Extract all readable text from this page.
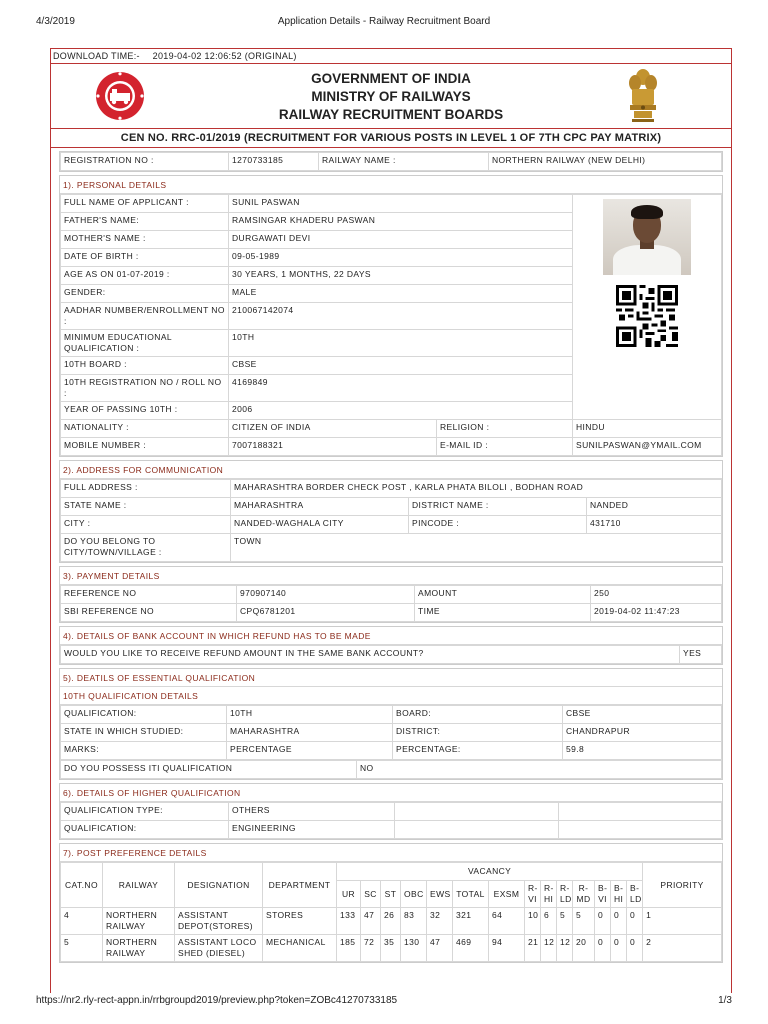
4/3/2019	Application Details - Railway Recruitment Board
DOWNLOAD TIME:- 2019-04-02 12:06:52 (ORIGINAL)
GOVERNMENT OF INDIA
MINISTRY OF RAILWAYS
RAILWAY RECRUITMENT BOARDS
CEN NO. RRC-01/2019 (RECRUITMENT FOR VARIOUS POSTS IN LEVEL 1 OF 7TH CPC PAY MATRIX)
REGISTRATION NO :	1270733185	RAILWAY NAME :	NORTHERN RAILWAY (NEW DELHI)
1). PERSONAL DETAILS
FULL NAME OF APPLICANT :	SUNIL PASWAN	

FATHER'S NAME:	RAMSINGAR KHADERU PASWAN		
MOTHER'S NAME :	DURGAWATI DEVI		
DATE OF BIRTH :	09-05-1989		
AGE AS ON 01-07-2019 :	30 YEARS, 1 MONTHS, 22 DAYS		
GENDER:	MALE		
AADHAR NUMBER/ENROLLMENT NO :	210067142074		
MINIMUM EDUCATIONAL QUALIFICATION :	10TH		
10TH BOARD :	CBSE		
10TH REGISTRATION NO / ROLL NO :	4169849		
YEAR OF PASSING 10TH :	2006		
NATIONALITY :	CITIZEN OF INDIA	RELIGION :	HINDU
MOBILE NUMBER :	7007188321	E-MAIL ID :	SUNILPASWAN@YMAIL.COM
2). ADDRESS FOR COMMUNICATION
FULL ADDRESS :	MAHARASHTRA BORDER CHECK POST , KARLA PHATA BILOLI , BODHAN ROAD		
STATE NAME :	MAHARASHTRA	DISTRICT NAME :	NANDED
CITY :	NANDED-WAGHALA CITY	PINCODE :	431710
DO YOU BELONG TO CITY/TOWN/VILLAGE :	TOWN		
3). PAYMENT DETAILS
REFERENCE NO	970907140	AMOUNT	250
SBI REFERENCE NO	CPQ6781201	TIME	2019-04-02 11:47:23
4). DETAILS OF BANK ACCOUNT IN WHICH REFUND HAS TO BE MADE
WOULD YOU LIKE TO RECEIVE REFUND AMOUNT IN THE SAME BANK ACCOUNT?	YES
5). DEATILS OF ESSENTIAL QUALIFICATION
10TH QUALIFICATION DETAILS
QUALIFICATION:	10TH	BOARD:	CBSE
STATE IN WHICH STUDIED:	MAHARASHTRA	DISTRICT:	CHANDRAPUR
MARKS:	PERCENTAGE	PERCENTAGE:	59.8
DO YOU POSSESS ITI QUALIFICATION	NO
6). DETAILS OF HIGHER QUALIFICATION
QUALIFICATION TYPE:	OTHERS		
QUALIFICATION:	ENGINEERING		
7). POST PREFERENCE DETAILS
CAT.NO	RAILWAY	DESIGNATION	DEPARTMENT	VACANCY														PRIORITY
				UR	SC	ST	OBC	EWS	TOTAL	EXSM	R-VI	R-HI	R-LD	R-MD	B-VI	B-HI	B-LD	
4	NORTHERN RAILWAY	ASSISTANT DEPOT(STORES)	STORES	133	47	26	83	32	321	64	10	6	5	5	0	0	0	1
5	NORTHERN RAILWAY	ASSISTANT LOCO SHED (DIESEL)	MECHANICAL	185	72	35	130	47	469	94	21	12	12	20	0	0	0	2
https://nr2.rly-rect-appn.in/rrbgroupd2019/preview.php?token=ZOBc41270733185	1/3
